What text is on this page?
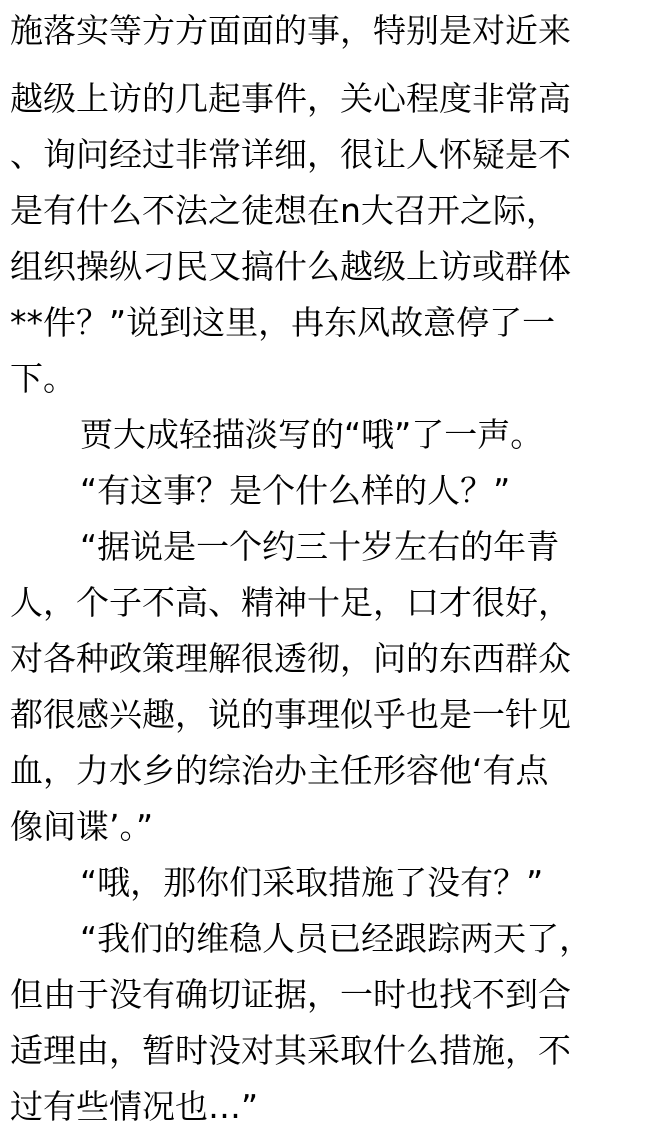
施落实等方方面面的事，特别是对近来
越级上访的几起事件，关心程度非常高
、询问经过非常详细，很让人怀疑是不
是有什么不法之徒想在n大召开之际，
组织操纵刁民又搞什么越级上访或群体
**件？”说到这里，冉东风故意停了一
下。
贾大成轻描淡写的“哦”了一声。
“有这事？是个什么样的人？”
“据说是一个约三十岁左右的年青
人，个子不高、精神十足，口才很好，
对各种政策理解很透彻，问的东西群众
都很感兴趣，说的事理似乎也是一针见
血，力水乡的综治办主任形容他‘有点
像间谍’。”
“哦，那你们采取措施了没有？”
“我们的维稳人员已经跟踪两天了，
但由于没有确切证据，一时也找不到合
适理由，暂时没对其采取什么措施，不
过有些情况也…”
